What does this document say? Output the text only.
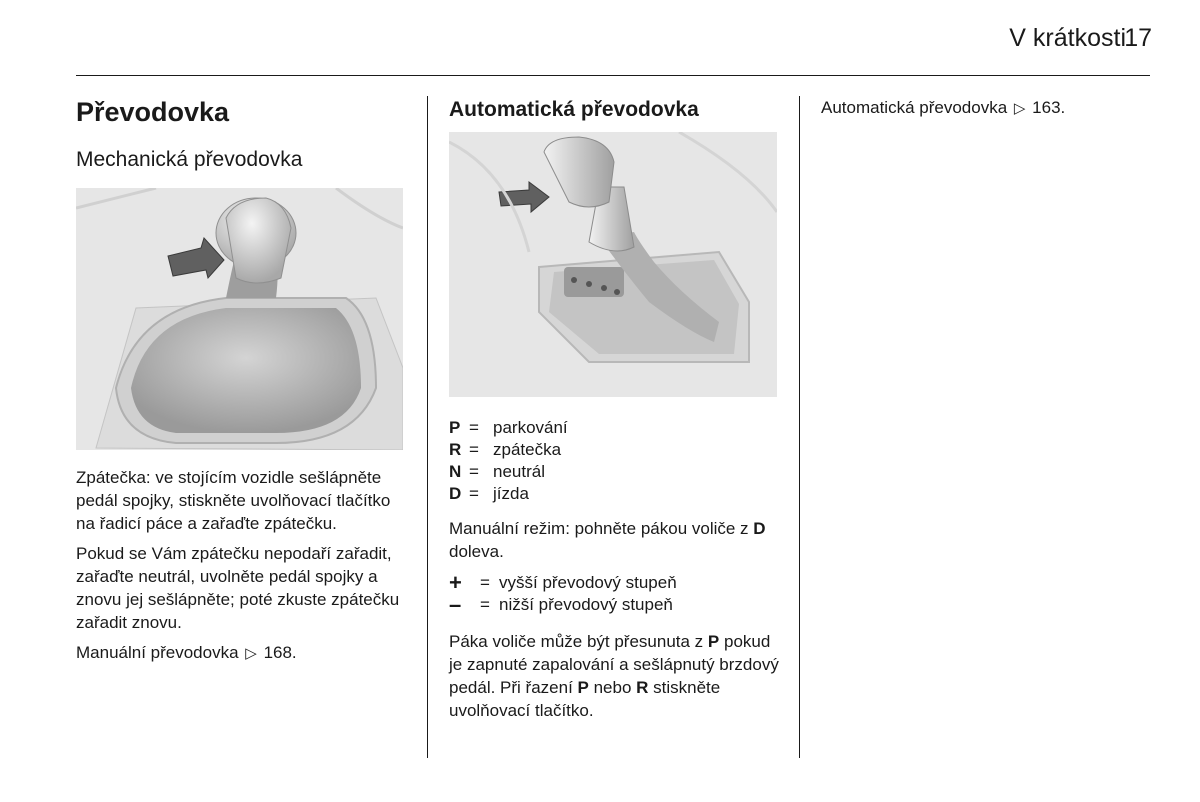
V krátkosti
17
Převodovka
Mechanická převodovka

Zpátečka: ve stojícím vozidle sešlápněte pedál spojky, stiskněte uvolňovací tlačítko na řadicí páce a zařaďte zpátečku.

Pokud se Vám zpátečku nepodaří zařadit, zařaďte neutrál, uvolněte pedál spojky a znovu jej sešlápněte; poté zkuste zpátečku zařadit znovu.

Manuální převodovka ▷ 168.

Automatická převodovka
P = parkování
R = zpátečka
N = neutrál
D = jízda

Manuální režim: pohněte pákou voliče z D doleva.

+	= vyšší převodový stupeň
–	= nižší převodový stupeň

Páka voliče může být přesunuta z P pokud je zapnuté zapalování a sešlápnutý brzdový pedál. Při řazení P nebo R stiskněte uvolňovací tlačítko.

Automatická převodovka ▷ 163.
